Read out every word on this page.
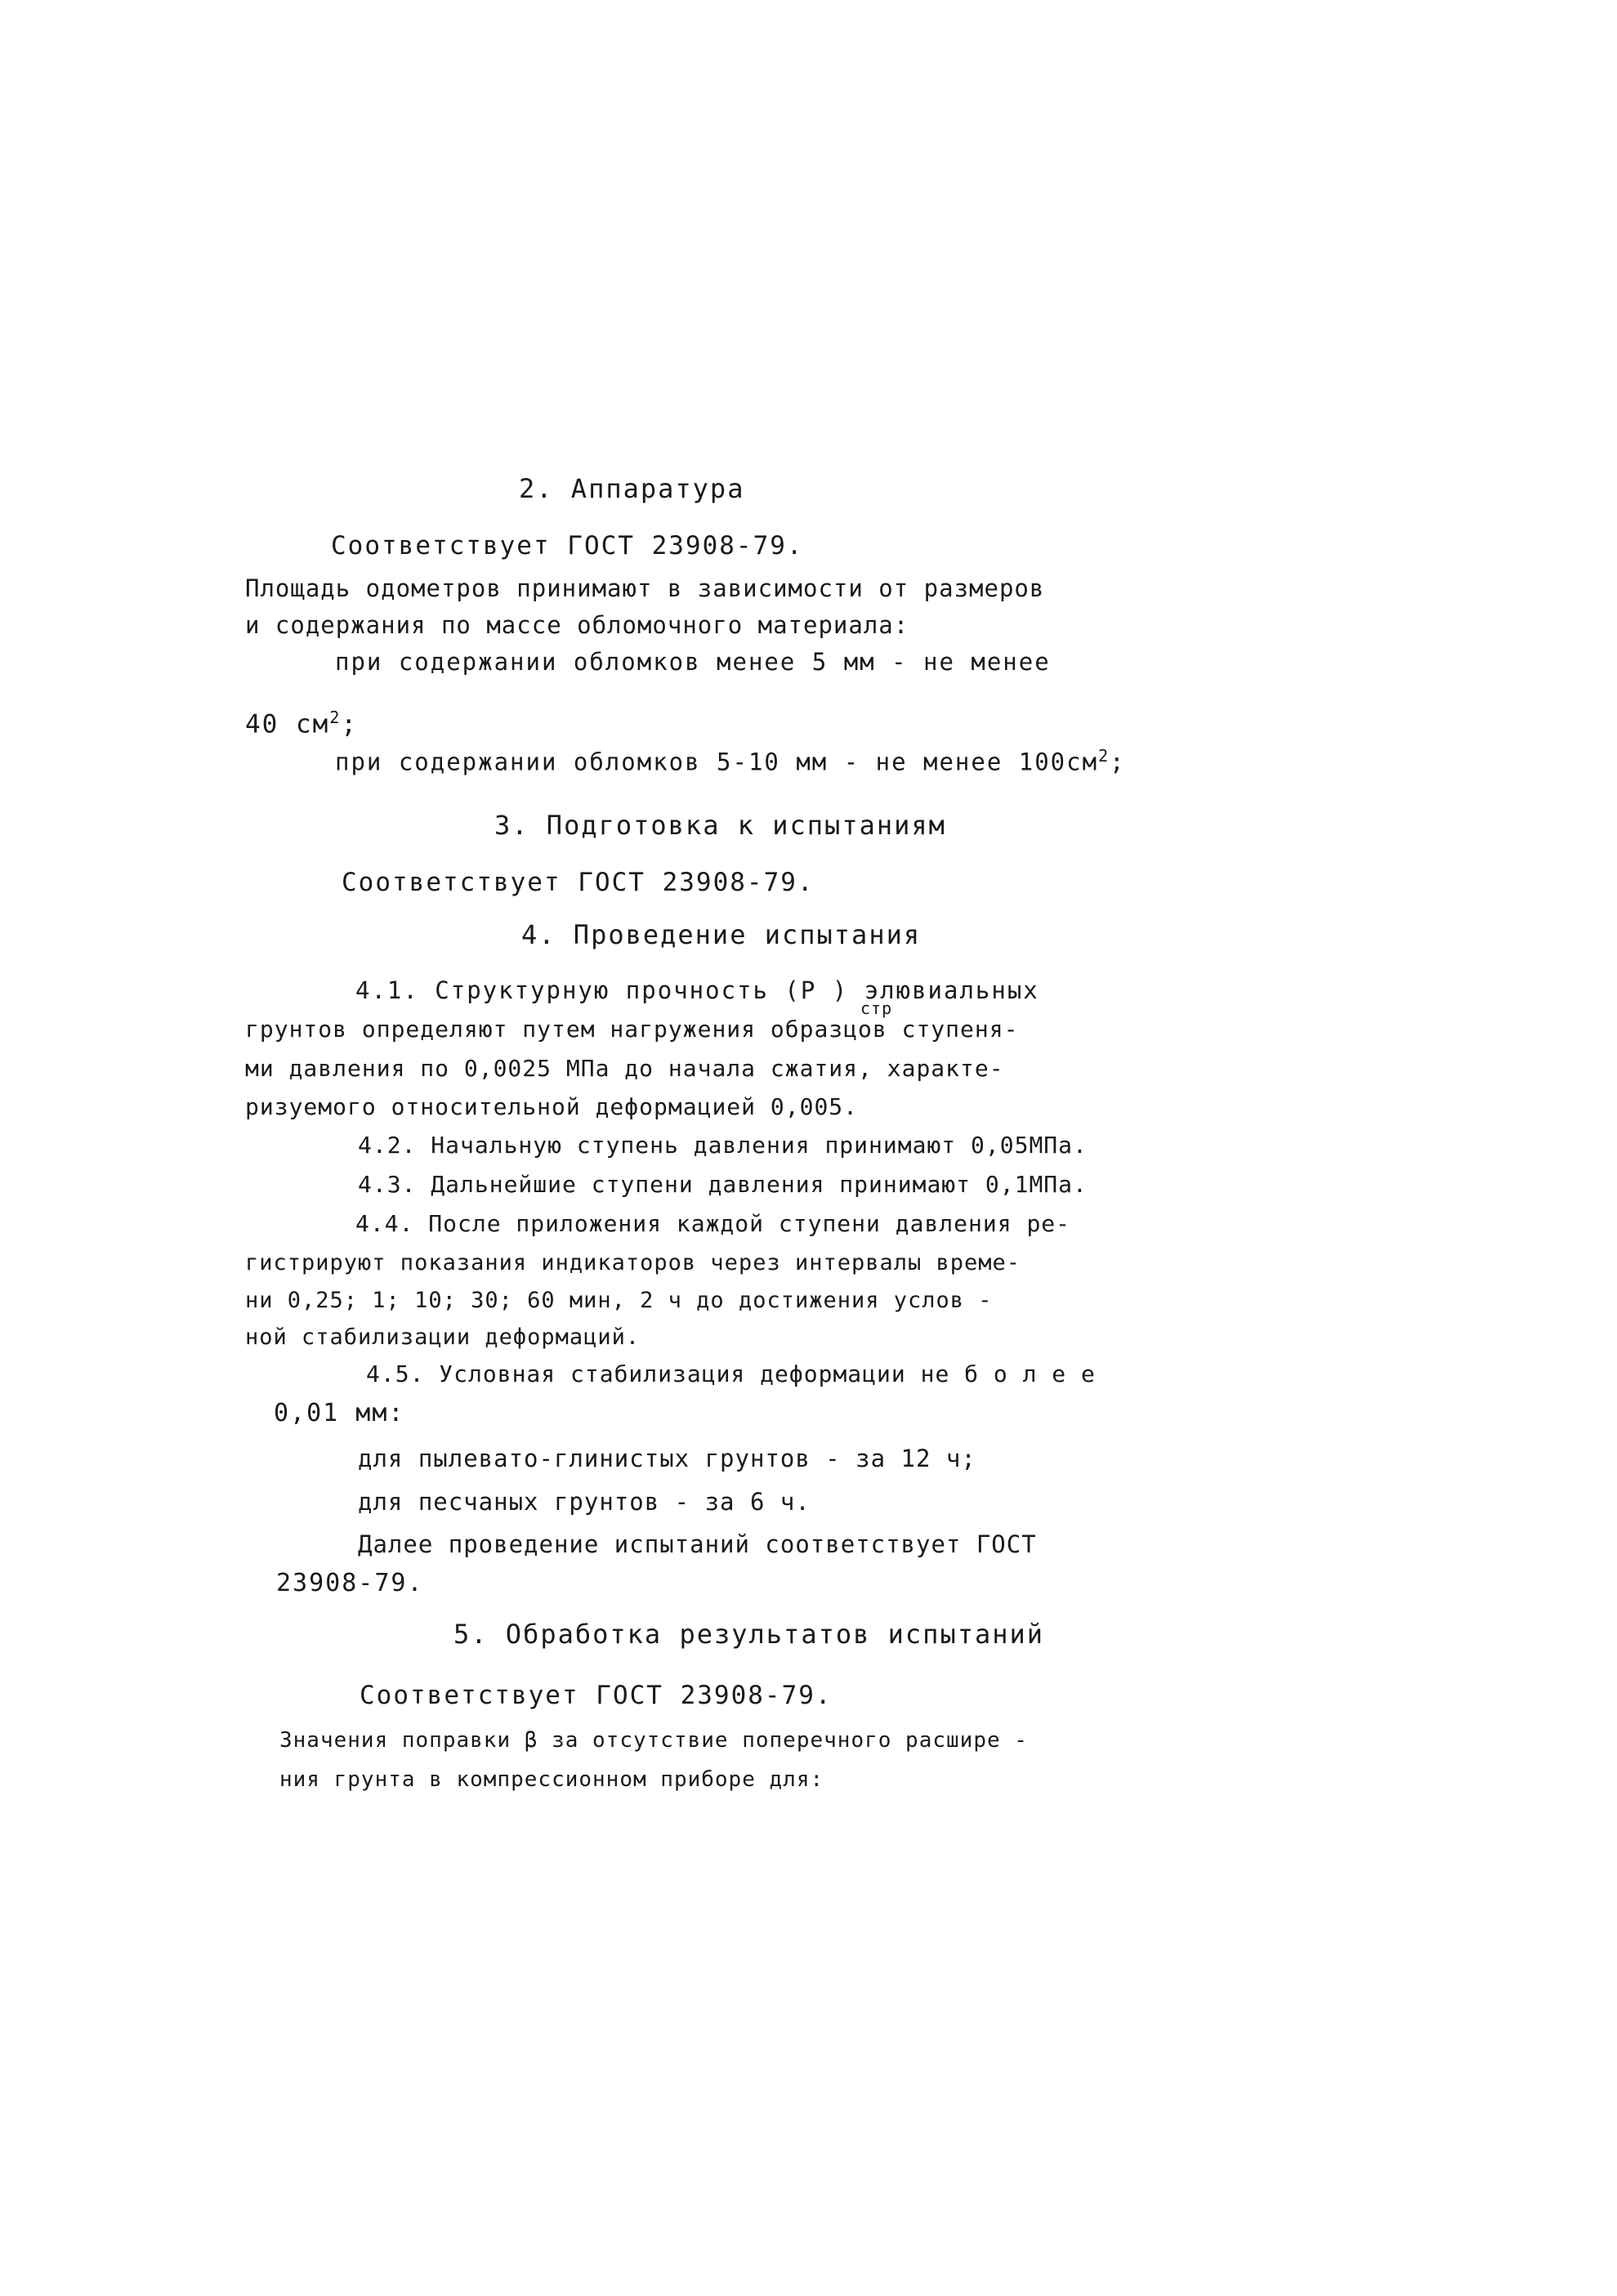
2. Аппаратура
Соответствует ГОСТ 23908-79.
Площадь одометров принимают в зависимости от размеров
и содержания по массе обломочного материала:
при содержании обломков менее 5 мм - не менее
40 $см^2$;
при содержании обломков 5-10 мм - не менее $100см^2$;
3. Подготовка к испытаниям
Соответствует ГОСТ 23908-79.
4. Проведение испытания
4.1. Структурную прочность (P ) элювиальных
стр
грунтов определяют путем нагружения образцов ступеня-
ми давления по 0,0025 МПа до начала сжатия, характе-
ризуемого относительной деформацией 0,005.
4.2. Начальную ступень давления принимают 0,05МПа.
4.3. Дальнейшие ступени давления принимают 0,1МПа.
4.4. После приложения каждой ступени давления ре-
гистрируют показания индикаторов через интервалы време-
ни 0,25; 1; 10; 30; 60 мин, 2 ч до достижения услов -
ной стабилизации деформаций.
4.5. Условная стабилизация деформации не б о л е е
0,01 мм:
для пылевато-глинистых грунтов - за 12 ч;
для песчаных грунтов - за 6 ч.
Далее проведение испытаний соответствует ГОСТ
23908-79.
5. Обработка результатов испытаний
Соответствует ГОСТ 23908-79.
Значения поправки β за отсутствие поперечного расшире -
ния грунта в компрессионном приборе для:
